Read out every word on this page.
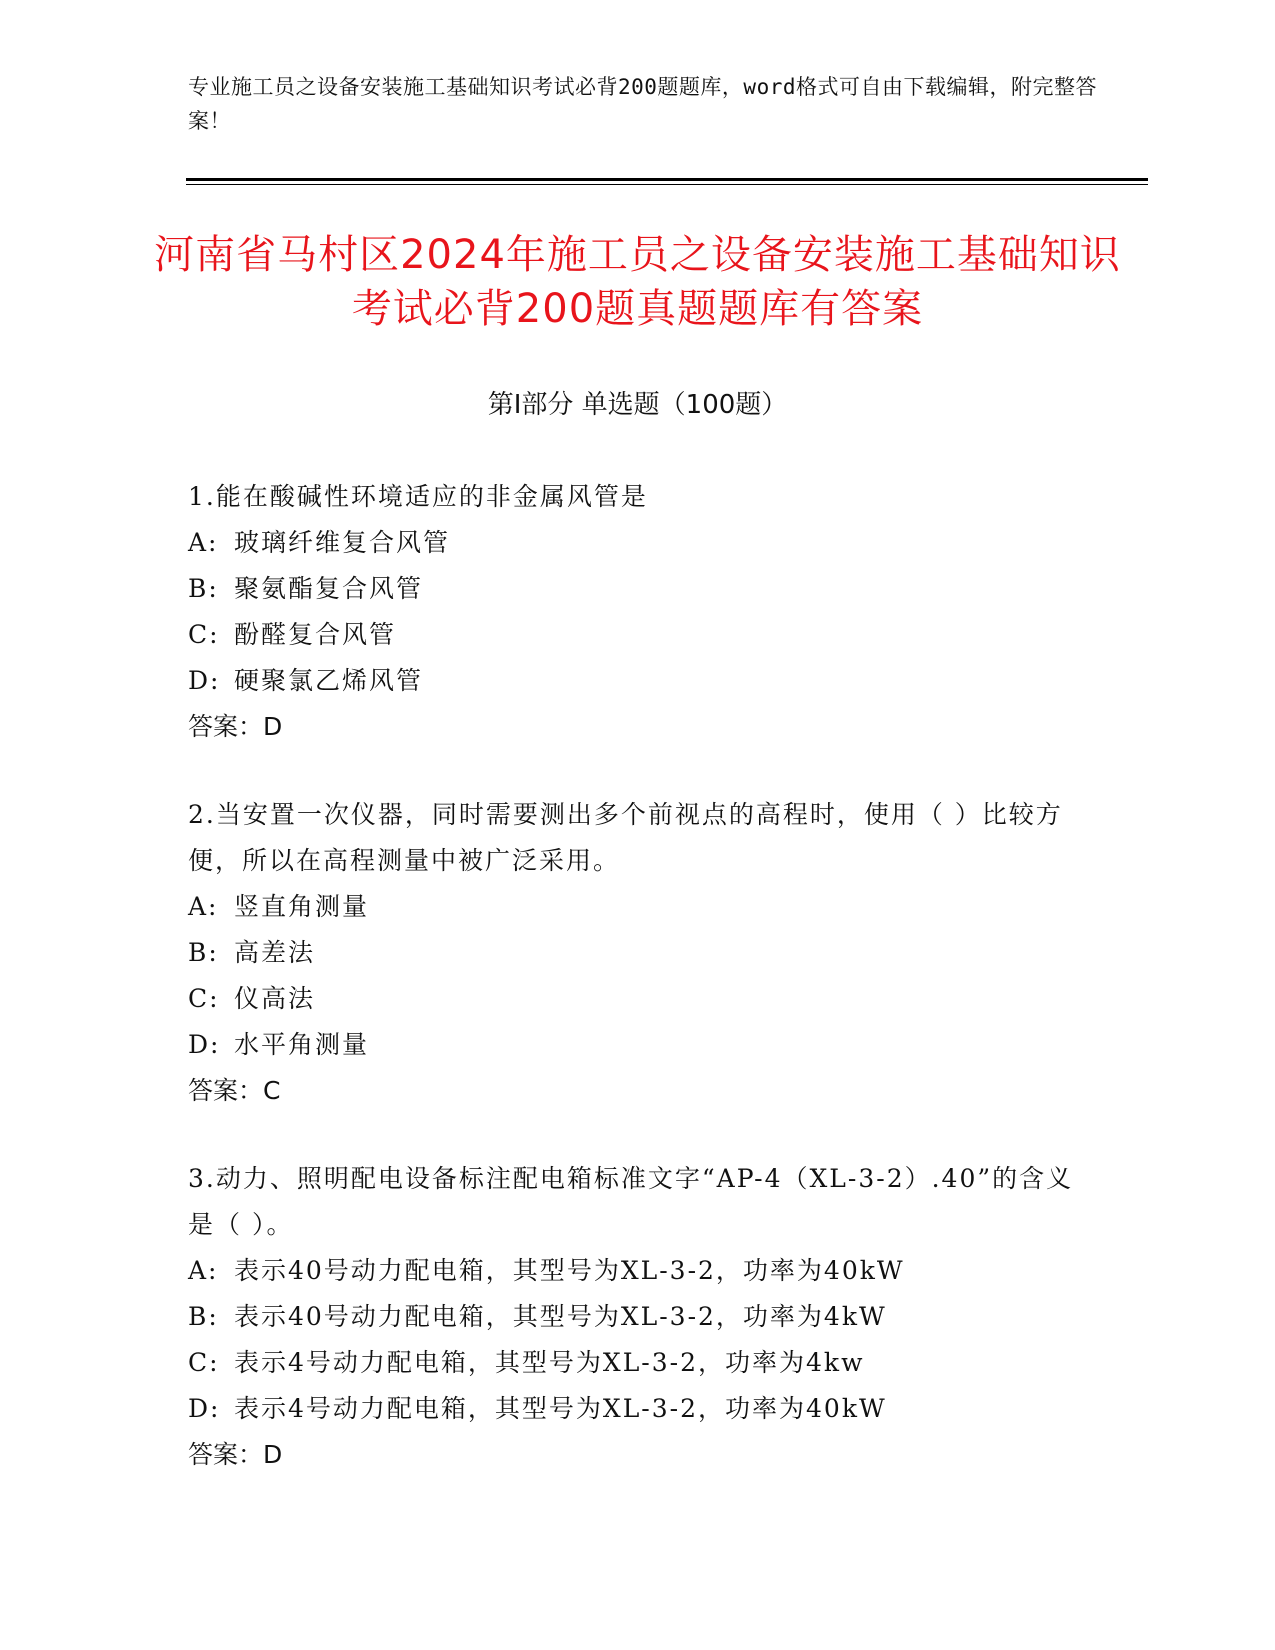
专业施工员之设备安装施工基础知识考试必背200题题库，word格式可自由下载编辑，附完整答案！
河南省马村区2024年施工员之设备安装施工基础知识考试必背200题真题题库有答案
第Ⅰ部分 单选题（100题）
1.能在酸碱性环境适应的非金属风管是
A: 玻璃纤维复合风管
B: 聚氨酯复合风管
C: 酚醛复合风管
D: 硬聚氯乙烯风管
答案：D
2.当安置一次仪器，同时需要测出多个前视点的高程时，使用（ ）比较方便，所以在高程测量中被广泛采用。
A: 竖直角测量
B: 高差法
C: 仪高法
D: 水平角测量
答案：C
3.动力、照明配电设备标注配电箱标准文字“AP-4（XL-3-2）.40”的含义是（ ）。
A: 表示40号动力配电箱，其型号为XL-3-2，功率为40kW
B: 表示40号动力配电箱，其型号为XL-3-2，功率为4kW
C: 表示4号动力配电箱，其型号为XL-3-2，功率为4kw
D: 表示4号动力配电箱，其型号为XL-3-2，功率为40kW
答案：D
